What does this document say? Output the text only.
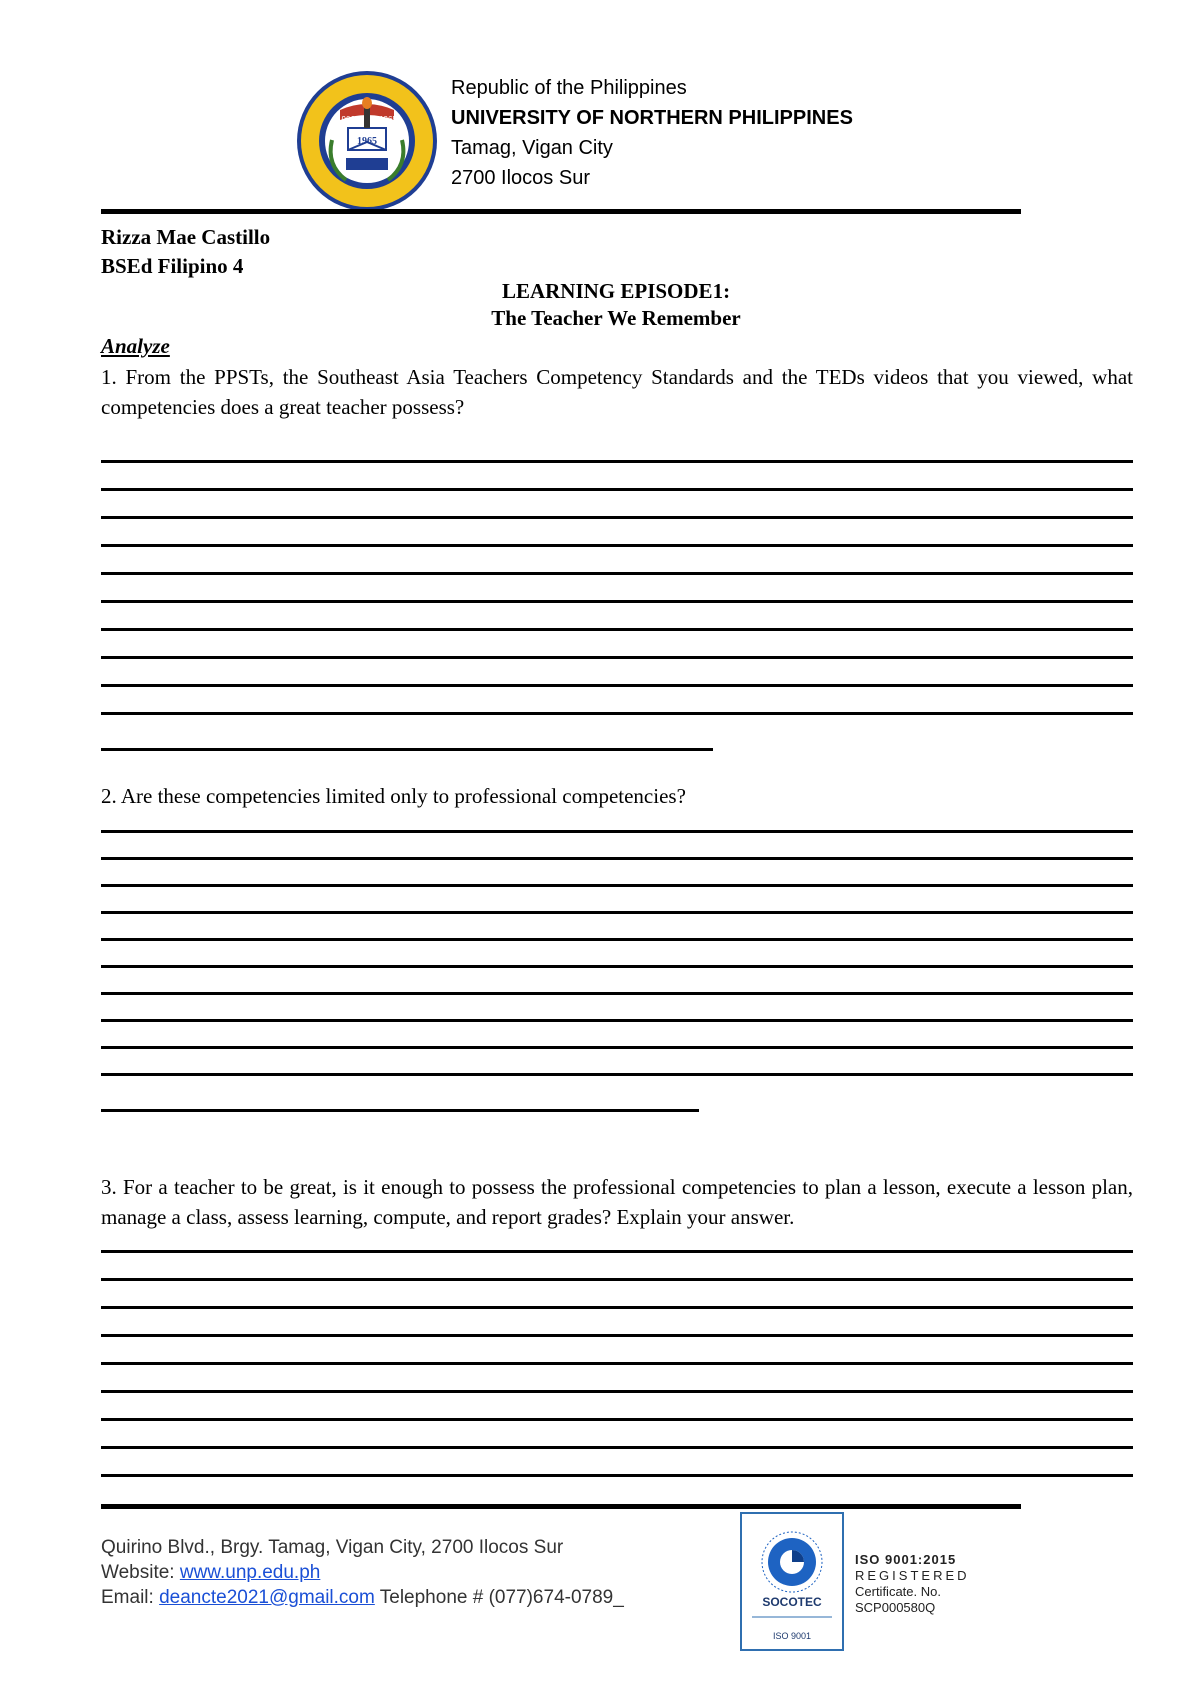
1965
1906	1965
Republic of the Philippines
UNIVERSITY OF NORTHERN PHILIPPINES
Tamag, Vigan City
2700 Ilocos Sur
Rizza Mae Castillo
BSEd Filipino 4
LEARNING EPISODE1:
The Teacher We Remember
Analyze
1. From the PPSTs, the Southeast Asia Teachers Competency Standards and the TEDs videos that you viewed, what competencies does a great teacher possess?
2. Are these competencies limited only to professional competencies?
3. For a teacher to be great, is it enough to possess the professional competencies to plan a lesson, execute a lesson plan, manage a class, assess learning, compute, and report grades? Explain your answer.
Quirino Blvd., Brgy. Tamag, Vigan City, 2700 Ilocos Sur
Website: www.unp.edu.ph
Email: deancte2021@gmail.com Telephone # (077)674-0789_	SOCOTEC
ISO 9001
ISO 9001:2015
REGISTERED
Certificate. No.
SCP000580Q
